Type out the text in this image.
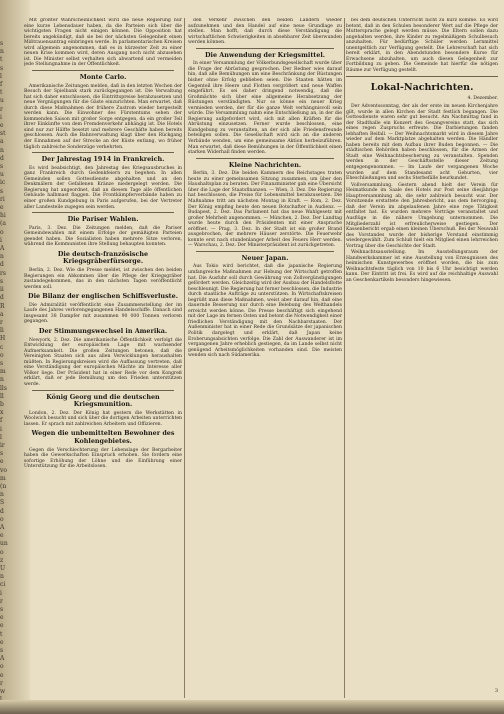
s
n
t
s
l
f
t
u
r
i
e
st
a
n
d
s
u
ic
s
ri
e
hi
(a
o
i
A
n
d
rs
s
ii
d
R
a
r
li
H
c
o
s
m
n
lls
ll
b
x
f
i
l
ir
s
e
vo
m
(n
n
S
d
o
A
e
un
o
z
U
n
ci
i
r
s
e
e
t
e
s
A
o
e
r
w

Mit größter Wahrscheinlichkeit wird die neue Regierung nur eine kurze Lebensdauer haben, da die Parteien sich über die wichtigsten Fragen nicht einigen können. Die Opposition hat bereits angekündigt, daß sie bei der nächsten Gelegenheit einen Mißtrauensantrag einbringen werde. In parlamentarischen Kreisen wird allgemein angenommen, daß es in kürzester Zeit zu einer neuen Krise kommen wird, deren Ausgang noch nicht abzusehen ist. Die Minister selbst verhalten sich abwartend und vermeiden jede Stellungnahme in der Öffentlichkeit.

Monte Carlo.

Amerikanische Zeitungen melden, daß in den letzten Wochen der Besuch der Spielbank stark zurückgegangen ist. Die Verwaltung hat sich daher entschlossen, die Eintrittspreise herabzusetzen und neue Vergnügungen für die Gäste einzurichten. Man erwartet, daß durch diese Maßnahmen der frühere Zustrom wieder hergestellt werden kann. Die Einwohner des Fürstentums sehen der kommenden Saison mit großer Sorge entgegen, da ein großer Teil ihrer Einkünfte von dem Fremdenverkehr abhängig ist. Die Hotels sind nur zur Hälfte besetzt und mehrere Geschäfte haben bereits geschlossen. Auch die Bahnverwaltung klagt über den Rückgang der Einnahmen auf der Strecke an der Küste entlang, wo früher täglich zahlreiche Sonderzüge verkehrten.

Der Jahrestag 1914 in Frankreich.

Es wird beabsichtigt, den Jahrestag des Kriegsausbruches in ganz Frankreich durch Gedenkfeiern zu begehen. In allen Gemeinden sollen Gottesdienste abgehalten und an den Denkmälern der Gefallenen Kränze niedergelegt werden. Die Regierung hat angeordnet, daß an diesem Tage alle öffentlichen Gebäude halbmast flaggen. Die Frontkämpferverbände haben zu einer großen Kundgebung in Paris aufgerufen, bei der Vertreter aller Landesteile zugegen sein werden.

Die Pariser Wahlen.

Paris, 3. Dez. Die Zeitungen melden, daß die Pariser Gemeindewahlen mit einem Erfolge der gemäßigten Parteien geendet haben. Die Sozialisten haben mehrere Sitze verloren, während die Kommunisten ihre Stellung behaupten konnten.

Die deutsch-französische Kriegsgräberfürsorge.

Berlin, 2. Dez. Wie die Presse meldet, ist zwischen den beiden Regierungen ein Abkommen über die Pflege der Kriegsgräber zustandegekommen, das in den nächsten Tagen veröffentlicht werden soll.

Die Bilanz der englischen Schiffsverluste.

Die Admiralität veröffentlicht eine Zusammenstellung der im Laufe des Jahres verlorengegangenen Handelsschiffe. Danach sind insgesamt 38 Dampfer mit zusammen 90 000 Tonnen verloren gegangen.

Der Stimmungswechsel in Amerika.

Newyork, 2. Dez. Die amerikanische Öffentlichkeit verfolgt die Entwicklung der europäischen Lage mit wachsender Aufmerksamkeit. Die großen Zeitungen betonen, daß die Vereinigten Staaten sich aus allen Verwicklungen heraushalten müßten. In Regierungskreisen wird die Auffassung vertreten, daß eine Verständigung der europäischen Mächte im Interesse aller Völker liege. Der Präsident hat in einer Rede vor dem Kongreß erklärt, daß er jede Bemühung um den Frieden unterstützen werde.

König Georg und die deutschen Kriegsmunition.

London, 2. Dez. Der König hat gestern die Werkstätten in Woolwich besucht und sich über die dortigen Arbeiten unterrichten lassen. Er sprach mit zahlreichen Arbeitern und Offizieren.

Wegen die unbemittelten Bewohner des Kohlengebietes.

Gegen die Verschlechterung der Lebenslage der Bergarbeiter haben die Gewerkschaften Einspruch erhoben. Sie fordern eine sofortige Erhöhung der Löhne und die Einführung einer Unterstützung für die Arbeitslosen.

den Verkehr zwischen den beiden Ländern wieder aufzunehmen und den Handel auf eine neue Grundlage zu stellen. Man hofft, daß durch diese Verständigung die wirtschaftlichen Schwierigkeiten in absehbarer Zeit überwunden werden können.

Die Anwendung der Kriegsmittel.

In einer Versammlung der Völkerbundsgesellschaft wurde über die Frage der Abrüstung gesprochen. Der Redner wies darauf hin, daß alle Bemühungen um eine Beschränkung der Rüstungen bisher ohne Erfolg geblieben seien. Die Staaten hätten im Gegenteil ihre Heere und Flotten vergrößert und neue Waffen eingeführt. Es sei daher dringend notwendig, daß die Großmächte sich über eine allgemeine Herabsetzung der Rüstungen verständigten. Nur so könne ein neuer Krieg vermieden werden, der für die ganze Welt verhängnisvoll sein würde. Die Versammlung nahm eine Entschließung an, in der die Regierung aufgefordert wird, sich mit allen Kräften für die Abrüstung einzusetzen. Ferner wurde beschlossen, eine Kundgebung zu veranstalten, an der sich alle Friedensfreunde beteiligen sollen. Die Gesellschaft wird sich an die anderen Verbände wenden, um eine gemeinsame Aktion herbeizuführen. Man erwartet, daß diese Bemühungen in der Öffentlichkeit einen starken Widerhall finden werden.

Kleine Nachrichten.

Berlin, 3. Dez. Die beiden Kammern des Reichstages traten heute zu einer gemeinsamen Sitzung zusammen, um über den Haushaltsplan zu beraten. Der Finanzminister gab eine Übersicht über die Lage der Staatsfinanzen. — Wien, 3. Dez. Die Regierung hat beschlossen, die Preise für Lebensmittel herabzusetzen. Die Maßnahme tritt am nächsten Montag in Kraft. — Rom, 2. Dez. Der König empfing heute den neuen Botschafter in Audienz. — Budapest, 2. Dez. Das Parlament hat das neue Wahlgesetz mit großer Mehrheit angenommen. — München, 2. Dez. Der Landtag wurde heute durch den Präsidenten mit einer Ansprache eröffnet. — Prag, 3. Dez. In der Stadt ist ein großer Brand ausgebrochen, der mehrere Häuser zerstörte. Die Feuerwehr konnte erst nach stundenlanger Arbeit des Feuers Herr werden. — Warschau, 2. Dez. Der Ministerpräsident ist zurückgetreten.

Neuer Japan.

Aus Tokio wird berichtet, daß die japanische Regierung umfangreiche Maßnahmen zur Hebung der Wirtschaft getroffen hat. Die Ausfuhr soll durch Gewährung von Zollvergünstigungen gefördert werden. Gleichzeitig wird der Ausbau der Handelsflotte beschleunigt. Die Regierung hat ferner beschlossen, die Industrie durch staatliche Aufträge zu unterstützen. In Wirtschaftskreisen begrüßt man diese Maßnahmen, weist aber darauf hin, daß eine dauernde Besserung nur durch eine Belebung des Welthandels erreicht werden könne. Die Presse beschäftigt sich eingehend mit der Lage im fernen Osten und betont die Notwendigkeit einer friedlichen Verständigung mit den Nachbarstaaten. Der Außenminister hat in einer Rede die Grundsätze der japanischen Politik dargelegt und erklärt, daß Japan keine Eroberungsabsichten verfolge. Die Zahl der Auswanderer ist im vergangenen Jahre erheblich gestiegen, da im Lande selbst nicht genügend Arbeitsmöglichkeiten vorhanden sind. Die meisten wenden sich nach Südamerika.

bei dem deutschen Unterricht nicht zu kurz komme. Es wird betont, daß in den Schulen besonderer Wert auf die Pflege der Muttersprache gelegt werden müsse. Die Eltern sollen dazu angehalten werden, ihre Kinder zu regelmäßigem Schulbesuch anzuhalten. Für bedürftige Schüler werden Lernmittel unentgeltlich zur Verfügung gestellt. Die Lehrerschaft hat sich bereit erklärt, in den Abendstunden besondere Kurse für Erwachsene abzuhalten, um auch diesen Gelegenheit zur Fortbildung zu geben. Die Gemeinde hat hierfür die nötigen Räume zur Verfügung gestellt.

Lokal-Nachrichten.
4. Dezember.

Der Adventssonntag, der als der erste im neuen Kirchenjahre gilt, wurde in allen Kirchen der Stadt festlich begangen. Die Gottesdienste waren sehr gut besucht. Am Nachmittag fand in der Stadthalle ein Konzert des Gesangvereins statt, das sich eines regen Zuspruchs erfreute. Die Darbietungen fanden lebhaften Beifall. — Der Weihnachtsmarkt wird in diesem Jahre wieder auf dem Marktplatze abgehalten werden. Die Händler haben bereits mit dem Aufbau ihrer Buden begonnen. — Die städtischen Behörden haben beschlossen, für die Armen der Stadt eine Weihnachtsbescherung zu veranstalten. Spenden werden in der Geschäftsstelle dieser Zeitung entgegengenommen. — Im Laufe der vergangenen Woche wurden auf dem Standesamt acht Geburten, vier Eheschließungen und sechs Sterbefälle beurkundet.

Vollversammlung. Gestern abend hielt der Verein für Heimatkunde im Saale des Hotels zur Post seine diesjährige Hauptversammlung ab, die sehr zahlreich besucht war. Der Vorsitzende erstattete den Jahresbericht, aus dem hervorging, daß der Verein im abgelaufenen Jahre eine rege Tätigkeit entfaltet hat. Es wurden mehrere Vorträge veranstaltet und Ausflüge in die nähere Umgebung unternommen. Die Mitgliederzahl ist erfreulicherweise gestiegen. Der Kassenbericht ergab einen kleinen Überschuß. Bei der Neuwahl des Vorstandes wurde der bisherige Vorstand einstimmig wiedergewählt. Zum Schluß hielt ein Mitglied einen lehrreichen Vortrag über die Geschichte der Stadt.

Weihnachtsausstellung. Im Ausstellungsraum der Handwerkskammer ist eine Ausstellung von Erzeugnissen des heimischen Kunstgewerbes eröffnet worden, die bis zum Weihnachtsfeste täglich von 10 bis 6 Uhr besichtigt werden kann. Der Eintritt ist frei. Es wird auf die reichhaltige Auswahl an Geschenkartikeln besonders hingewiesen.

3
